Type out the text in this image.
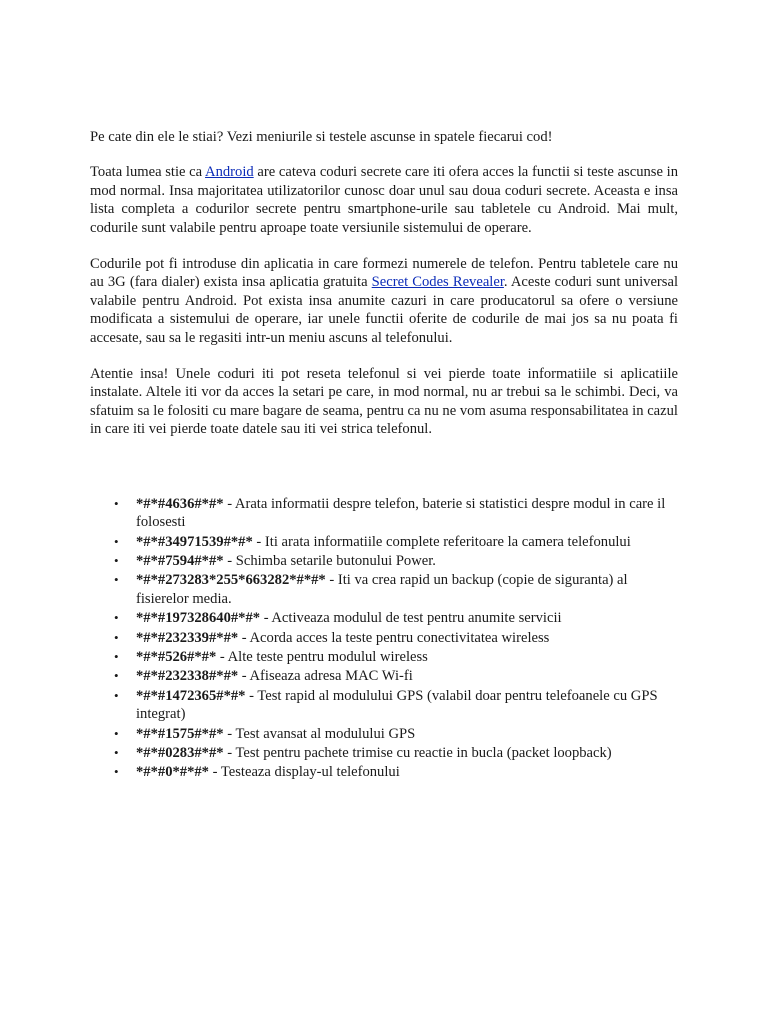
Pe cate din ele le stiai? Vezi meniurile si testele ascunse in spatele fiecarui cod!

Toata lumea stie ca Android are cateva coduri secrete care iti ofera acces la functii si teste ascunse in mod normal. Insa majoritatea utilizatorilor cunosc doar unul sau doua coduri secrete. Aceasta e insa lista completa a codurilor secrete pentru smartphone-urile sau tabletele cu Android. Mai mult, codurile sunt valabile pentru aproape toate versiunile sistemului de operare.

Codurile pot fi introduse din aplicatia in care formezi numerele de telefon. Pentru tabletele care nu au 3G (fara dialer) exista insa aplicatia gratuita Secret Codes Revealer. Aceste coduri sunt universal valabile pentru Android. Pot exista insa anumite cazuri in care producatorul sa ofere o versiune modificata a sistemului de operare, iar unele functii oferite de codurile de mai jos sa nu poata fi accesate, sau sa le regasiti intr-un meniu ascuns al telefonului.

Atentie insa! Unele coduri iti pot reseta telefonul si vei pierde toate informatiile si aplicatiile instalate. Altele iti vor da acces la setari pe care, in mod normal, nu ar trebui sa le schimbi. Deci, va sfatuim sa le folositi cu mare bagare de seama, pentru ca nu ne vom asuma responsabilitatea in cazul in care iti vei pierde toate datele sau iti vei strica telefonul.

• *#*#4636#*#* - Arata informatii despre telefon, baterie si statistici despre modul in care il folosesti
• *#*#34971539#*#* - Iti arata informatiile complete referitoare la camera telefonului
• *#*#7594#*#* - Schimba setarile butonului Power.
• *#*#273283*255*663282*#*#* - Iti va crea rapid un backup (copie de siguranta) al fisierelor media.
• *#*#197328640#*#* - Activeaza modulul de test pentru anumite servicii
• *#*#232339#*#* - Acorda acces la teste pentru conectivitatea wireless
• *#*#526#*#* - Alte teste pentru modulul wireless
• *#*#232338#*#* - Afiseaza adresa MAC Wi-fi
• *#*#1472365#*#* - Test rapid al modulului GPS (valabil doar pentru telefoanele cu GPS integrat)
• *#*#1575#*#* - Test avansat al modulului GPS
• *#*#0283#*#* - Test pentru pachete trimise cu reactie in bucla (packet loopback)
• *#*#0*#*#* - Testeaza display-ul telefonului
